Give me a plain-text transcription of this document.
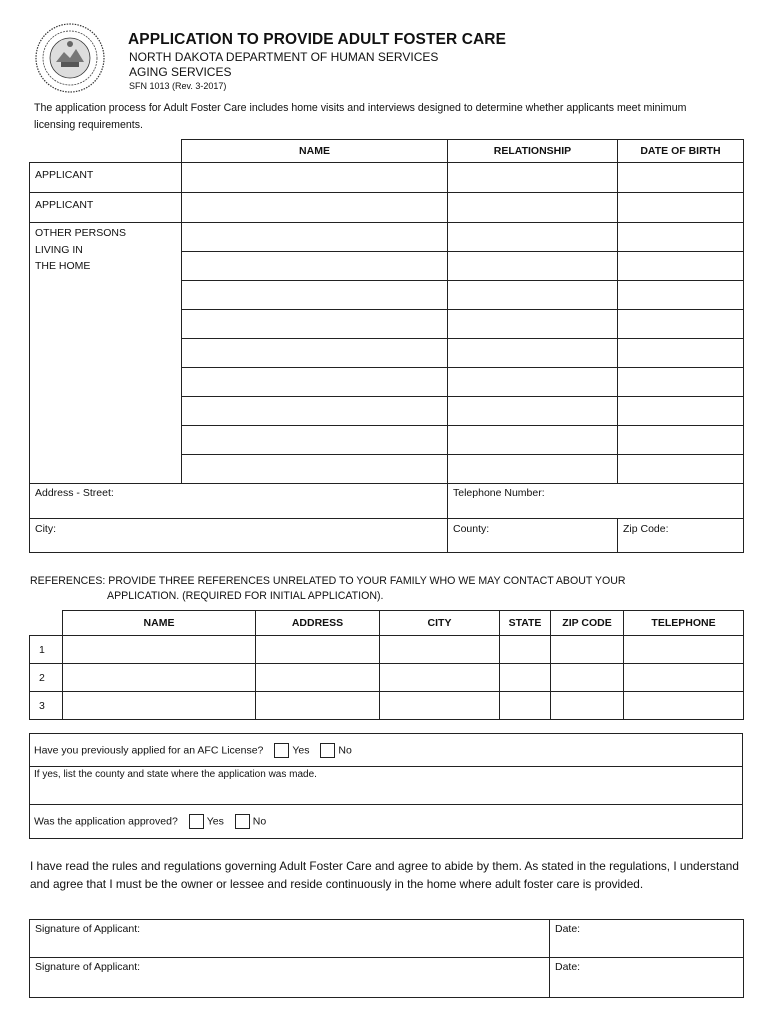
APPLICATION TO PROVIDE ADULT FOSTER CARE
NORTH DAKOTA DEPARTMENT OF HUMAN SERVICES
AGING SERVICES
SFN 1013 (Rev. 3-2017)
The application process for Adult Foster Care includes home visits and interviews designed to determine whether applicants meet minimum licensing requirements.
	NAME	RELATIONSHIP	DATE OF BIRTH
APPLICANT			
APPLICANT			

OTHER PERSONS
LIVING IN
THE HOME			

Address - Street:		Telephone Number:	
City:		County:	Zip Code:
REFERENCES: PROVIDE THREE REFERENCES UNRELATED TO YOUR FAMILY WHO WE MAY CONTACT ABOUT YOUR
APPLICATION. (REQUIRED FOR INITIAL APPLICATION).
	NAME	ADDRESS	CITY	STATE	ZIP CODE	TELEPHONE
1						
2						
3						
Have you previously applied for an AFC License?	Yes	No
If yes, list the county and state where the application was made.
Was the application approved?	Yes	No
I have read the rules and regulations governing Adult Foster Care and agree to abide by them. As stated in the regulations, I understand and agree that I must be the owner or lessee and reside continuously in the home where adult foster care is provided.
Signature of Applicant:	Date:
Signature of Applicant:	Date:
